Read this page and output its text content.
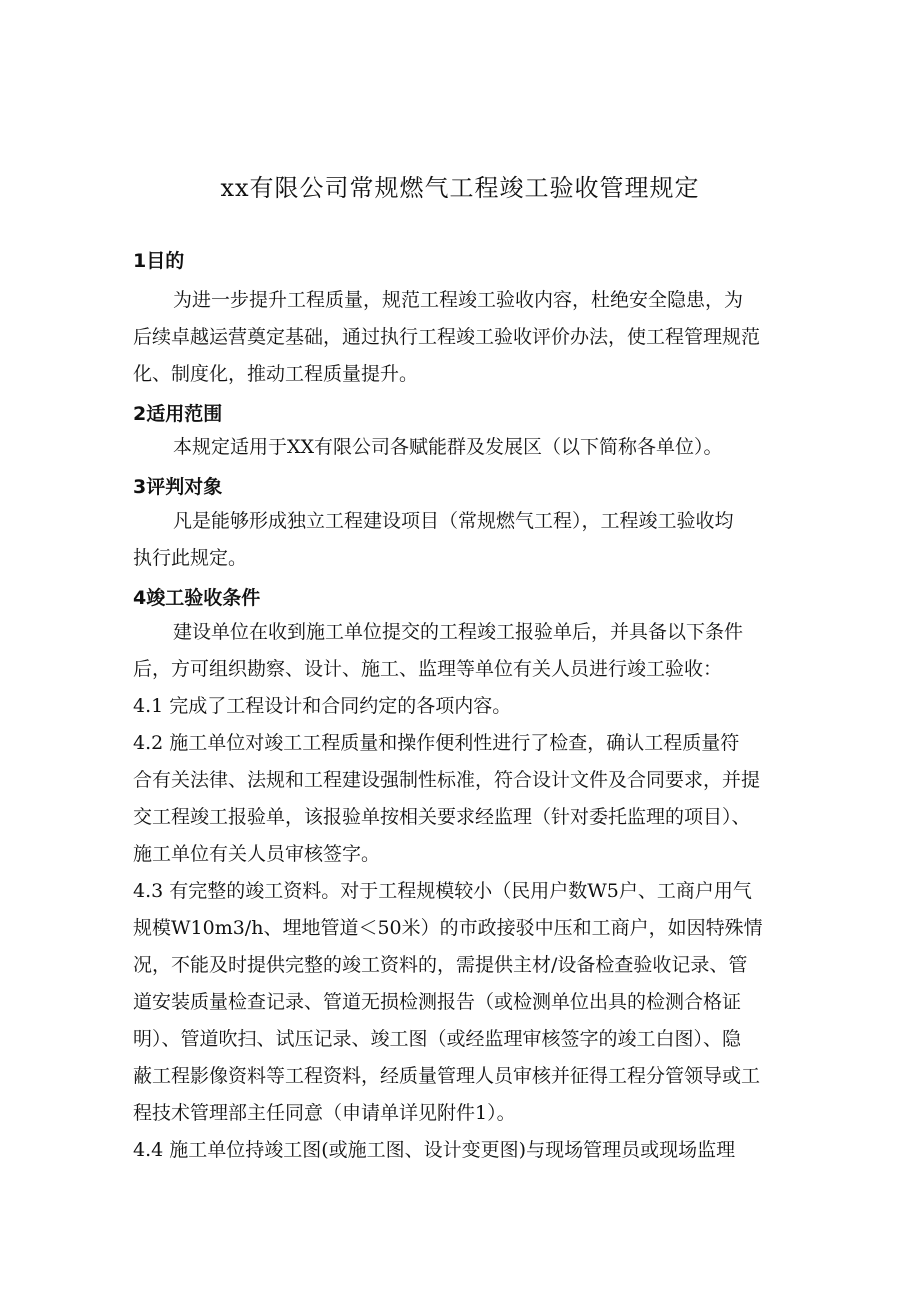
xx有限公司常规燃气工程竣工验收管理规定
1目的
为进一步提升工程质量，规范工程竣工验收内容，杜绝安全隐患，为
后续卓越运营奠定基础，通过执行工程竣工验收评价办法，使工程管理规范
化、制度化，推动工程质量提升。
2适用范围
本规定适用于XX有限公司各赋能群及发展区（以下简称各单位）。
3评判对象
凡是能够形成独立工程建设项目（常规燃气工程），工程竣工验收均
执行此规定。
4竣工验收条件
建设单位在收到施工单位提交的工程竣工报验单后，并具备以下条件
后，方可组织勘察、设计、施工、监理等单位有关人员进行竣工验收：
4.1 完成了工程设计和合同约定的各项内容。
4.2 施工单位对竣工工程质量和操作便利性进行了检查，确认工程质量符
合有关法律、法规和工程建设强制性标准，符合设计文件及合同要求，并提
交工程竣工报验单，该报验单按相关要求经监理（针对委托监理的项目）、
施工单位有关人员审核签字。
4.3 有完整的竣工资料。对于工程规模较小（民用户数W5户、工商户用气
规模W10m3/h、埋地管道＜50米）的市政接驳中压和工商户，如因特殊情
况，不能及时提供完整的竣工资料的，需提供主材/设备检查验收记录、管
道安装质量检查记录、管道无损检测报告（或检测单位出具的检测合格证
明）、管道吹扫、试压记录、竣工图（或经监理审核签字的竣工白图）、隐
蔽工程影像资料等工程资料，经质量管理人员审核并征得工程分管领导或工
程技术管理部主任同意（申请单详见附件1）。
4.4 施工单位持竣工图(或施工图、设计变更图)与现场管理员或现场监理
